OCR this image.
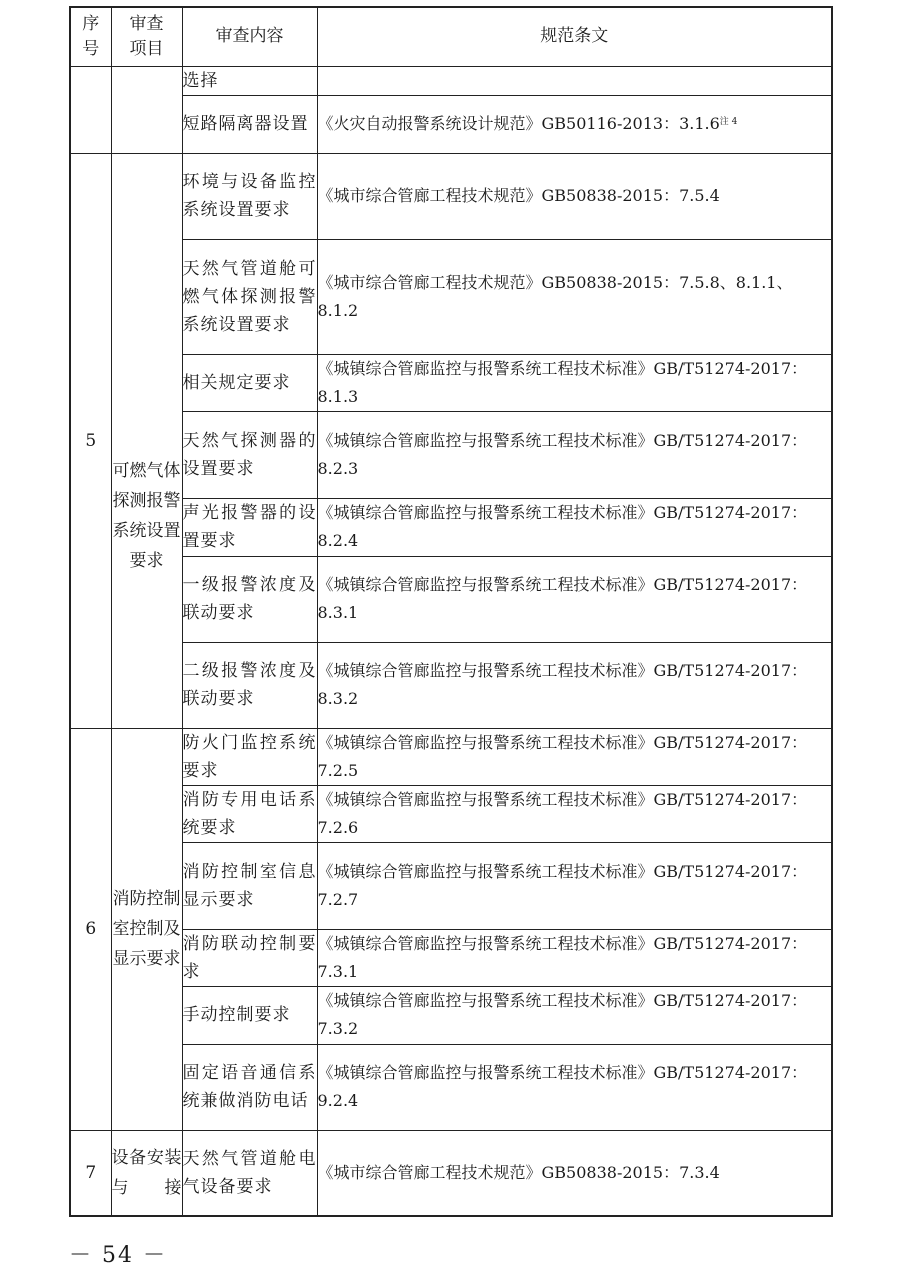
序号	审查项目	审查内容	规范条文
		选择	
		短路隔离器设置	《火灾自动报警系统设计规范》GB50116-2013：3.1.6$^{注 4}$
5	可燃气体探测报警系统设置要求	环境与设备监控系统设置要求	《城市综合管廊工程技术规范》GB50838-2015：7.5.4
		天然气管道舱可燃气体探测报警系统设置要求	《城市综合管廊工程技术规范》GB50838-2015：7.5.8、8.1.1、8.1.2
		相关规定要求	《城镇综合管廊监控与报警系统工程技术标准》GB/T51274-2017：8.1.3
		天然气探测器的设置要求	《城镇综合管廊监控与报警系统工程技术标准》GB/T51274-2017：8.2.3
		声光报警器的设置要求	《城镇综合管廊监控与报警系统工程技术标准》GB/T51274-2017：8.2.4
		一级报警浓度及联动要求	《城镇综合管廊监控与报警系统工程技术标准》GB/T51274-2017：8.3.1
		二级报警浓度及联动要求	《城镇综合管廊监控与报警系统工程技术标准》GB/T51274-2017：8.3.2
6	消防控制室控制及显示要求	防火门监控系统要求	《城镇综合管廊监控与报警系统工程技术标准》GB/T51274-2017：7.2.5
		消防专用电话系统要求	《城镇综合管廊监控与报警系统工程技术标准》GB/T51274-2017：7.2.6
		消防控制室信息显示要求	《城镇综合管廊监控与报警系统工程技术标准》GB/T51274-2017：7.2.7
		消防联动控制要求	《城镇综合管廊监控与报警系统工程技术标准》GB/T51274-2017：7.3.1
		手动控制要求	《城镇综合管廊监控与报警系统工程技术标准》GB/T51274-2017：7.3.2
		固定语音通信系统兼做消防电话	《城镇综合管廊监控与报警系统工程技术标准》GB/T51274-2017：9.2.4
7	设备安装与接	天然气管道舱电气设备要求	《城市综合管廊工程技术规范》GB50838-2015：7.3.4
－ 54 －
